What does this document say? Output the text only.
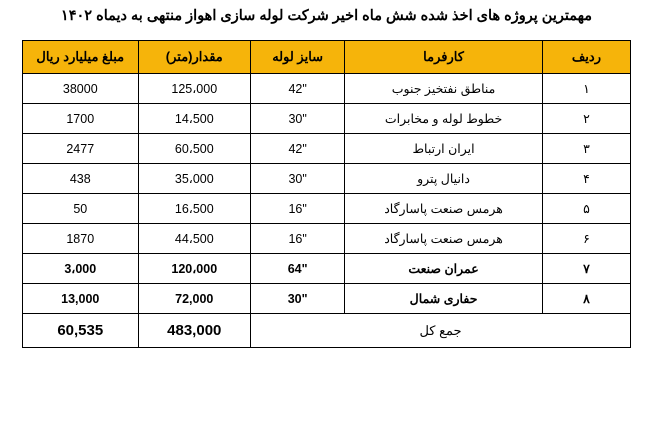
مهمترین پروژه های اخذ شده شش ماه اخیر شرکت لوله سازی اهواز منتهی به دیماه ۱۴۰۲
ردیف	کارفرما	سایز لوله	مقدار(متر)	مبلغ میلیارد ریال
۱	مناطق نفتخیز جنوب	42"	125،000	38000
۲	خطوط لوله و مخابرات	30"	14،500	1700
۳	ایران ارتباط	42"	60،500	2477
۴	دانیال پترو	30"	35،000	438
۵	هرمس صنعت پاسارگاد	16"	16،500	50
۶	هرمس صنعت پاسارگاد	16"	44،500	1870
۷	عمران صنعت	64"	120،000	3،000
۸	حفاری شمال	30"	72,000	13,000
جمع کل			483,000	60,535
